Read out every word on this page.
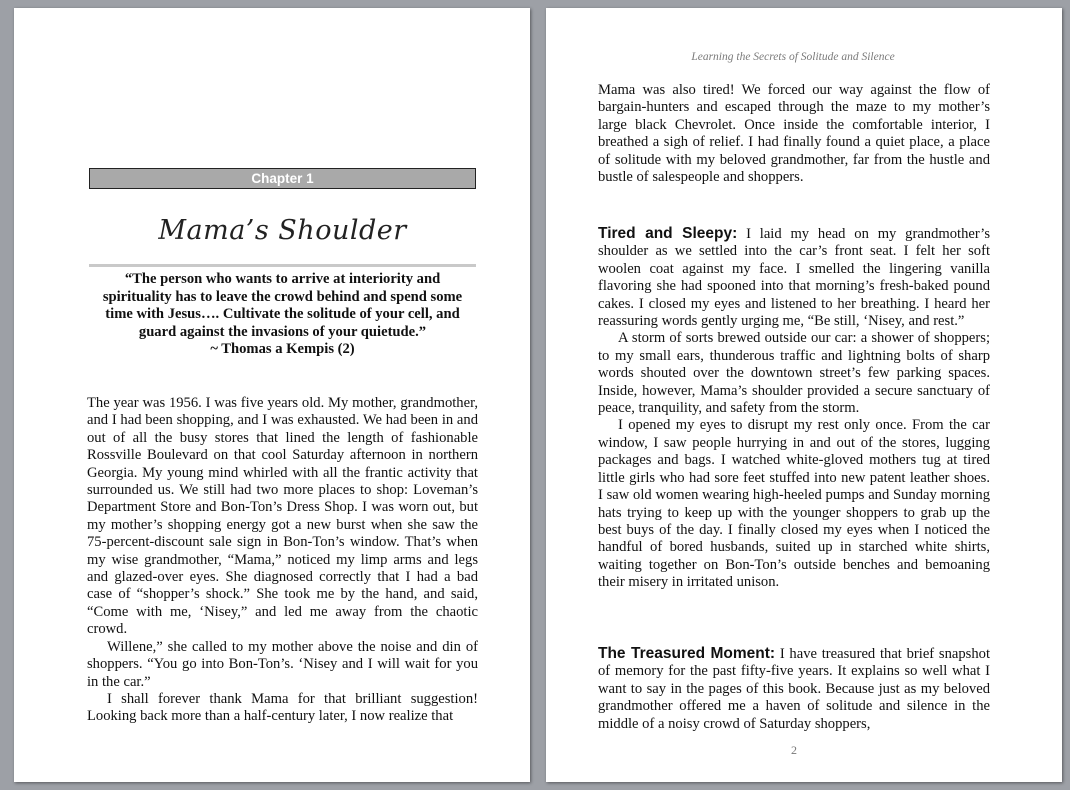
Chapter 1
Mama’s Shoulder
“The person who wants to arrive at interiority and spirituality has to leave the crowd behind and spend some time with Jesus…. Cultivate the solitude of your cell, and guard against the invasions of your quietude.”
~ Thomas a Kempis (2)

The year was 1956. I was five years old. My mother, grandmother, and I had been shopping, and I was exhausted. We had been in and out of all the busy stores that lined the length of fashionable Rossville Boulevard on that cool Saturday afternoon in northern Georgia. My young mind whirled with all the frantic activity that surrounded us. We still had two more places to shop: Loveman’s Department Store and Bon-Ton’s Dress Shop. I was worn out, but my mother’s shopping energy got a new burst when she saw the 75-percent-discount sale sign in Bon-Ton’s window. That’s when my wise grandmother, “Mama,” noticed my limp arms and legs and glazed-over eyes. She diagnosed correctly that I had a bad case of “shopper’s shock.” She took me by the hand, and said, “Come with me, ‘Nisey,” and led me away from the chaotic crowd.

Willene,” she called to my mother above the noise and din of shoppers. “You go into Bon-Ton’s. ‘Nisey and I will wait for you in the car.”

I shall forever thank Mama for that brilliant suggestion! Looking back more than a half-century later, I now realize that

Learning the Secrets of Solitude and Silence

Mama was also tired! We forced our way against the flow of bargain-hunters and escaped through the maze to my mother’s large black Chevrolet. Once inside the comfortable interior, I breathed a sigh of relief. I had finally found a quiet place, a place of solitude with my beloved grandmother, far from the hustle and bustle of salespeople and shoppers.

Tired and Sleepy: I laid my head on my grandmother’s shoulder as we settled into the car’s front seat. I felt her soft woolen coat against my face. I smelled the lingering vanilla flavoring she had spooned into that morning’s fresh-baked pound cakes. I closed my eyes and listened to her breathing. I heard her reassuring words gently urging me, “Be still, ‘Nisey, and rest.”

A storm of sorts brewed outside our car: a shower of shoppers; to my small ears, thunderous traffic and lightning bolts of sharp words shouted over the downtown street’s few parking spaces. Inside, however, Mama’s shoulder provided a secure sanctuary of peace, tranquility, and safety from the storm.

I opened my eyes to disrupt my rest only once. From the car window, I saw people hurrying in and out of the stores, lugging packages and bags. I watched white-gloved mothers tug at tired little girls who had sore feet stuffed into new patent leather shoes. I saw old women wearing high-heeled pumps and Sunday morning hats trying to keep up with the younger shoppers to grab up the best buys of the day. I finally closed my eyes when I noticed the handful of bored husbands, suited up in starched white shirts, waiting together on Bon-Ton’s outside benches and bemoaning their misery in irritated unison.

The Treasured Moment: I have treasured that brief snapshot of memory for the past fifty-five years. It explains so well what I want to say in the pages of this book. Because just as my beloved grandmother offered me a haven of solitude and silence in the middle of a noisy crowd of Saturday shoppers,

2
